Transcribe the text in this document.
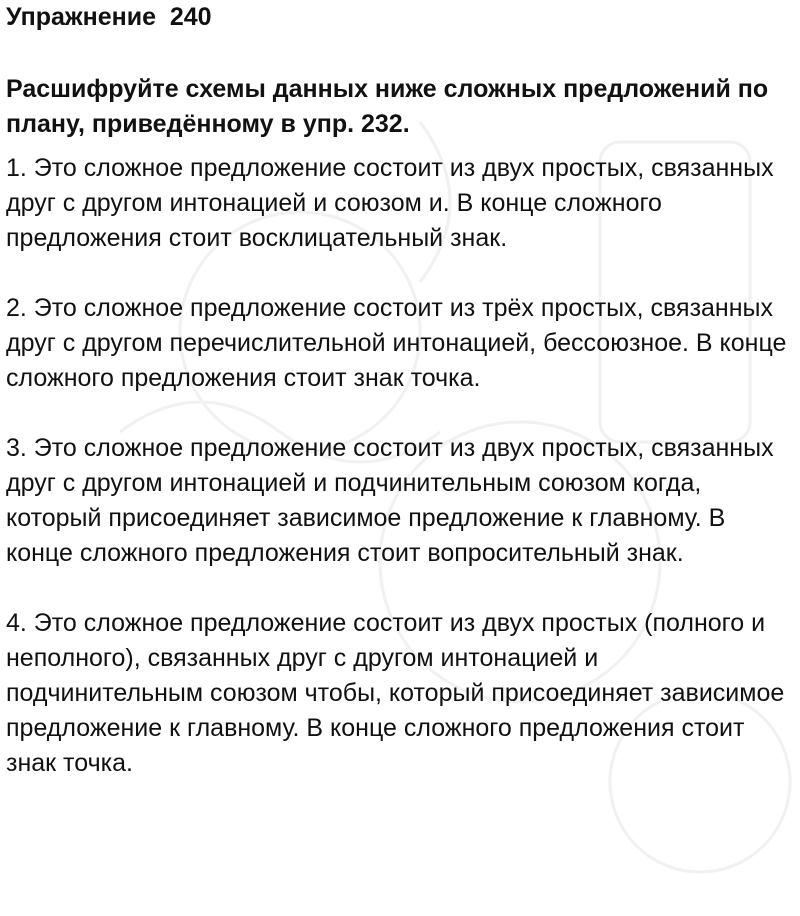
Упражнение  240

Расшифруйте схемы данных ниже сложных предложений по плану, приведённому в упр. 232.

1. Это сложное предложение состоит из двух простых, связанных друг с другом интонацией и союзом и. В конце сложного предложения стоит восклицательный знак.

2. Это сложное предложение состоит из трёх простых, связанных друг с другом перечислительной интонацией, бессоюзное. В конце сложного предложения стоит знак точка.

3. Это сложное предложение состоит из двух простых, связанных друг с другом интонацией и подчинительным союзом когда, который присоединяет зависимое предложение к главному. В конце сложного предложения стоит вопросительный знак.

4. Это сложное предложение состоит из двух простых (полного и неполного), связанных друг с другом интонацией и подчинительным союзом чтобы, который присоединяет зависимое предложение к главному. В конце сложного предложения стоит знак точка.
